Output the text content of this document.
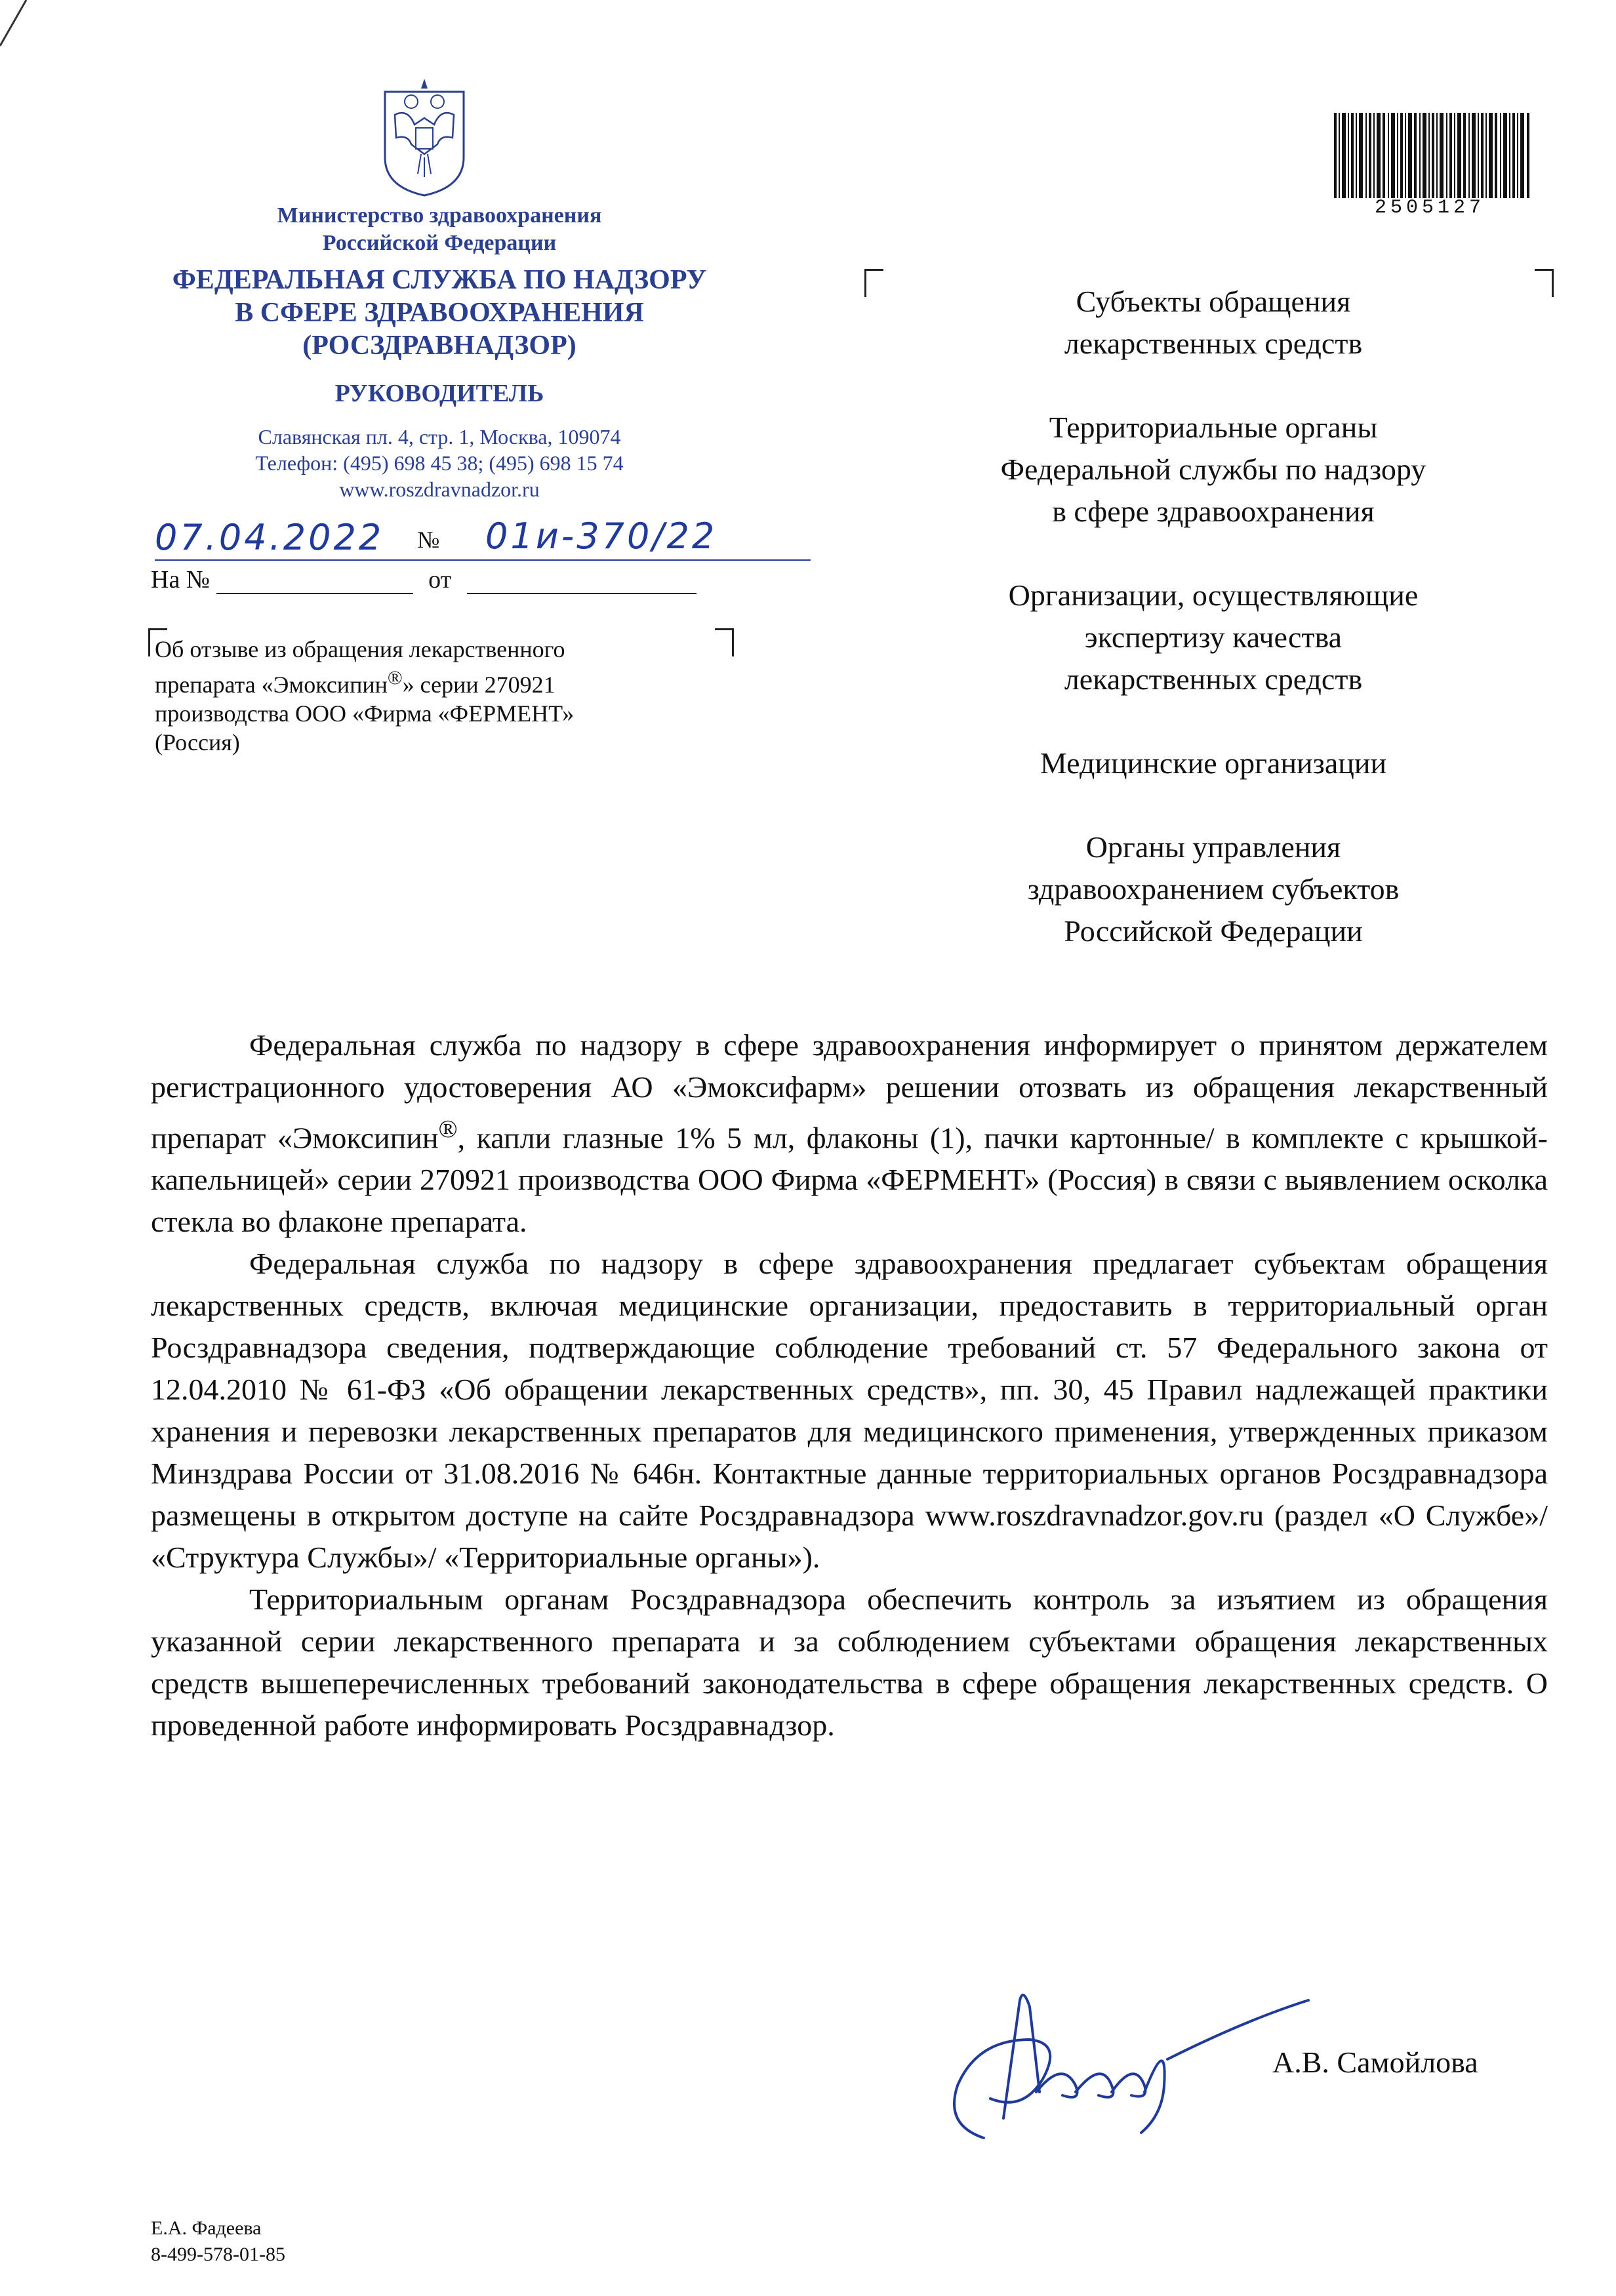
Министерство здравоохранения
Российской Федерации
ФЕДЕРАЛЬНАЯ СЛУЖБА ПО НАДЗОРУ
В СФЕРЕ ЗДРАВООХРАНЕНИЯ
(РОСЗДРАВНАДЗОР)
РУКОВОДИТЕЛЬ
Славянская пл. 4, стр. 1, Москва, 109074
Телефон: (495) 698 45 38; (495) 698 15 74
www.roszdravnadzor.ru
07.04.2022 № 01и-370/22
На №	от
Об отзыве из обращения лекарственного
препарата «Эмоксипин®» серии 270921
производства ООО «Фирма «ФЕРМЕНТ»
(Россия)
2505127
Субъекты обращения
лекарственных средств
Территориальные органы
Федеральной службы по надзору
в сфере здравоохранения
Организации, осуществляющие
экспертизу качества
лекарственных средств
Медицинские организации
Органы управления
здравоохранением субъектов
Российской Федерации

Федеральная служба по надзору в сфере здравоохранения информирует о принятом держателем регистрационного удостоверения АО «Эмоксифарм» решении отозвать из обращения лекарственный препарат «Эмоксипин®, капли глазные 1% 5 мл, флаконы (1), пачки картонные/ в комплекте с крышкой-капельницей» серии 270921 производства ООО Фирма «ФЕРМЕНТ» (Россия) в связи с выявлением осколка стекла во флаконе препарата.

Федеральная служба по надзору в сфере здравоохранения предлагает субъектам обращения лекарственных средств, включая медицинские организации, предоставить в территориальный орган Росздравнадзора сведения, подтверждающие соблюдение требований ст. 57 Федерального закона от 12.04.2010 № 61-ФЗ «Об обращении лекарственных средств», пп. 30, 45 Правил надлежащей практики хранения и перевозки лекарственных препаратов для медицинского применения, утвержденных приказом Минздрава России от 31.08.2016 № 646н. Контактные данные территориальных органов Росздравнадзора размещены в открытом доступе на сайте Росздравнадзора www.roszdravnadzor.gov.ru (раздел «О Службе»/ «Структура Службы»/ «Территориальные органы»).

Территориальным органам Росздравнадзора обеспечить контроль за изъятием из обращения указанной серии лекарственного препарата и за соблюдением субъектами обращения лекарственных средств вышеперечисленных требований законодательства в сфере обращения лекарственных средств. О проведенной работе информировать Росздравнадзор.

А.В. Самойлова
Е.А. Фадеева
8-499-578-01-85
